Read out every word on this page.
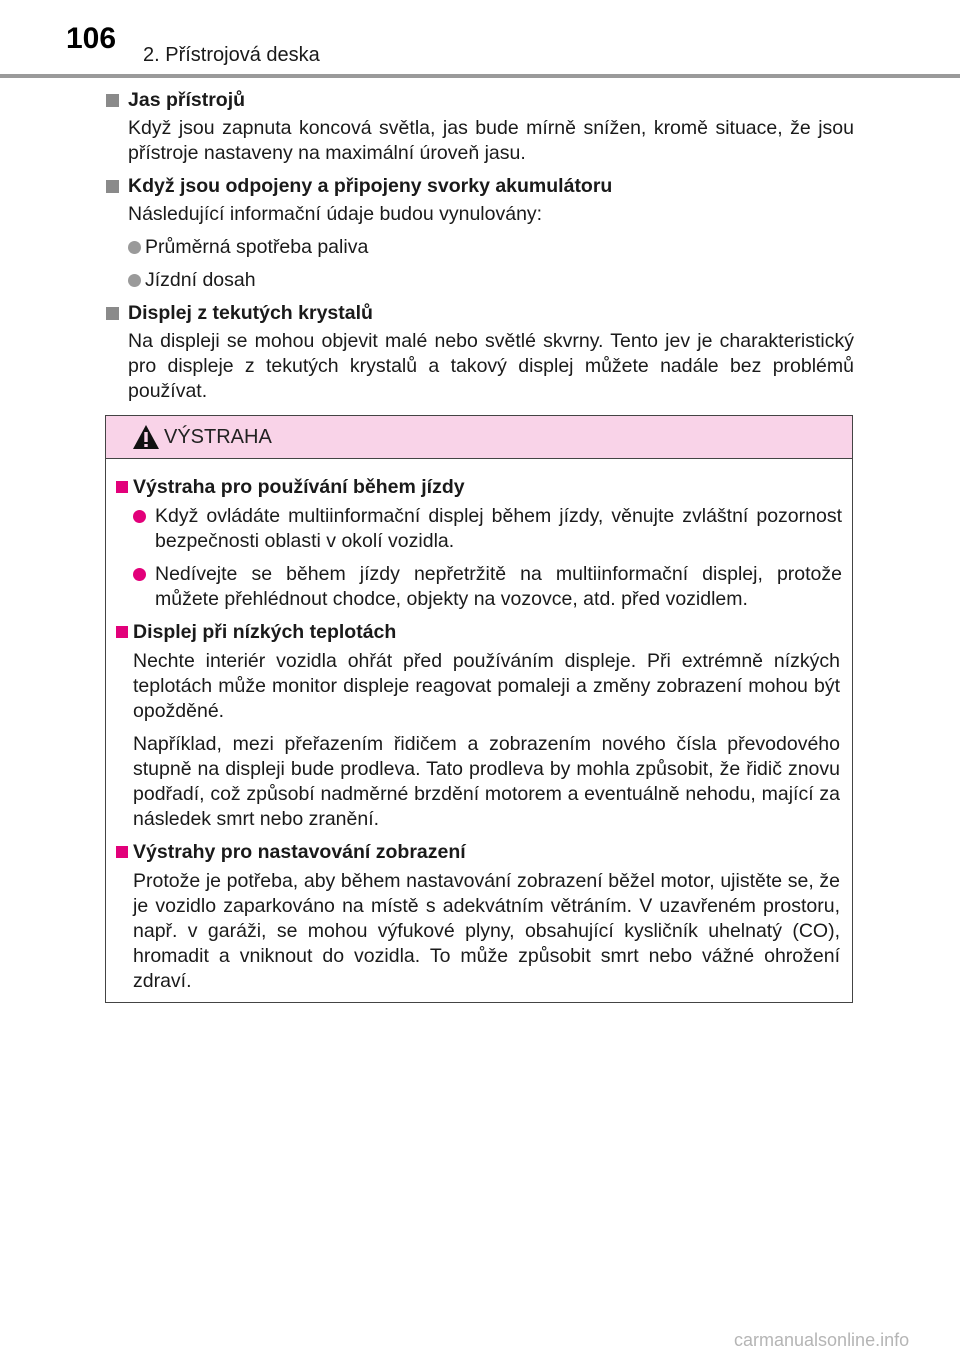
106 2. Přístrojová deska
Jas přístrojů
Když jsou zapnuta koncová světla, jas bude mírně snížen, kromě situace, že jsou přístroje nastaveny na maximální úroveň jasu.
Když jsou odpojeny a připojeny svorky akumulátoru
Následující informační údaje budou vynulovány:
Průměrná spotřeba paliva
Jízdní dosah
Displej z tekutých krystalů
Na displeji se mohou objevit malé nebo světlé skvrny. Tento jev je charakteristický pro displeje z tekutých krystalů a takový displej můžete nadále bez problémů používat.
VÝSTRAHA
Výstraha pro používání během jízdy
Když ovládáte multiinformační displej během jízdy, věnujte zvláštní pozornost bezpečnosti oblasti v okolí vozidla.
Nedívejte se během jízdy nepřetržitě na multiinformační displej, protože můžete přehlédnout chodce, objekty na vozovce, atd. před vozidlem.
Displej při nízkých teplotách
Nechte interiér vozidla ohřát před používáním displeje. Při extrémně nízkých teplotách může monitor displeje reagovat pomaleji a změny zobrazení mohou být opožděné.
Například, mezi přeřazením řidičem a zobrazením nového čísla převodového stupně na displeji bude prodleva. Tato prodleva by mohla způsobit, že řidič znovu podřadí, což způsobí nadměrné brzdění motorem a eventuálně nehodu, mající za následek smrt nebo zranění.
Výstrahy pro nastavování zobrazení
Protože je potřeba, aby během nastavování zobrazení běžel motor, ujistěte se, že je vozidlo zaparkováno na místě s adekvátním větráním. V uzavřeném prostoru, např. v garáži, se mohou výfukové plyny, obsahující kysličník uhelnatý (CO), hromadit a vniknout do vozidla. To může způsobit smrt nebo vážné ohrožení zdraví.
carmanualsonline.info
